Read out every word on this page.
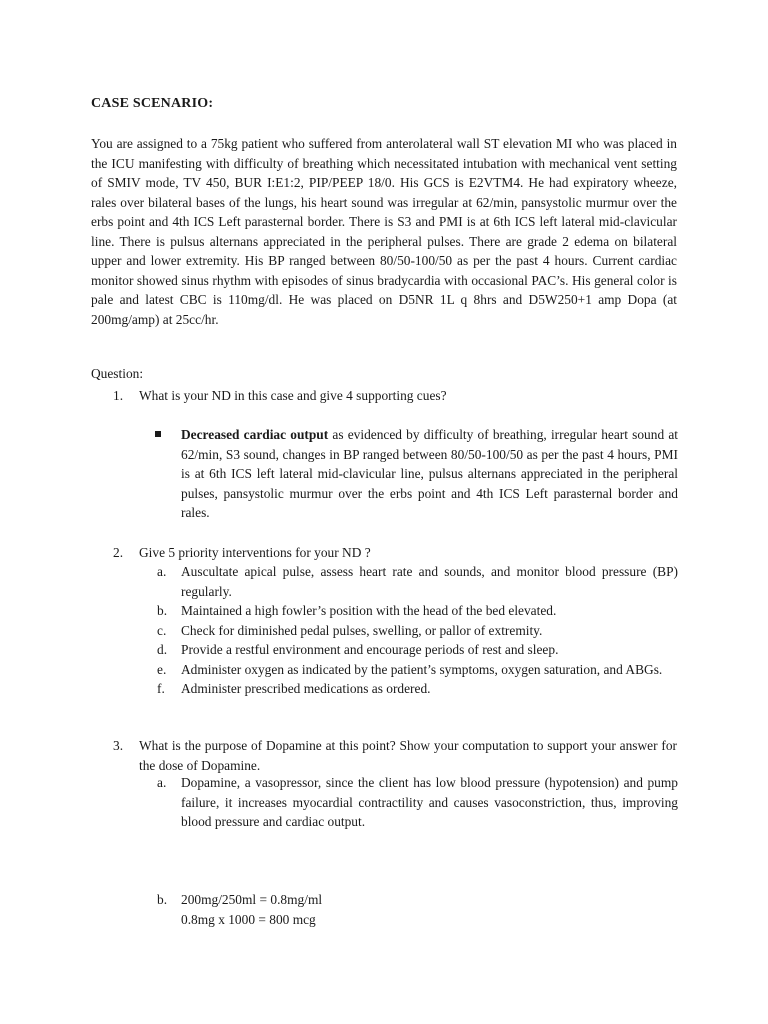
CASE SCENARIO:

You are assigned to a 75kg patient who suffered from anterolateral wall ST elevation MI who was placed in the ICU manifesting with difficulty of breathing which necessitated intubation with mechanical vent setting of SMIV mode, TV 450, BUR I:E1:2, PIP/PEEP 18/0. His GCS is E2VTM4. He had expiratory wheeze, rales over bilateral bases of the lungs, his heart sound was irregular at 62/min, pansystolic murmur over the erbs point and 4th ICS Left parasternal border. There is S3 and PMI is at 6th ICS left lateral mid-clavicular line. There is pulsus alternans appreciated in the peripheral pulses. There are grade 2 edema on bilateral upper and lower extremity. His BP ranged between 80/50-100/50 as per the past 4 hours. Current cardiac monitor showed sinus rhythm with episodes of sinus bradycardia with occasional PAC’s. His general color is pale and latest CBC is 110mg/dl. He was placed on D5NR 1L q 8hrs and D5W250+1 amp Dopa (at 200mg/amp) at 25cc/hr.

Question:
1. What is your ND in this case and give 4 supporting cues?
Decreased cardiac output as evidenced by difficulty of breathing, irregular heart sound at 62/min, S3 sound, changes in BP ranged between 80/50-100/50 as per the past 4 hours, PMI is at 6th ICS left lateral mid-clavicular line, pulsus alternans appreciated in the peripheral pulses, pansystolic murmur over the erbs point and 4th ICS Left parasternal border and rales.
2. Give 5 priority interventions for your ND ?
a. Auscultate apical pulse, assess heart rate and sounds, and monitor blood pressure (BP) regularly.
b. Maintained a high fowler’s position with the head of the bed elevated.
c. Check for diminished pedal pulses, swelling, or pallor of extremity.
d. Provide a restful environment and encourage periods of rest and sleep.
e. Administer oxygen as indicated by the patient’s symptoms, oxygen saturation, and ABGs.
f. Administer prescribed medications as ordered.
3. What is the purpose of Dopamine at this point? Show your computation to support your answer for the dose of Dopamine.
a. Dopamine, a vasopressor, since the client has low blood pressure (hypotension) and pump failure, it increases myocardial contractility and causes vasoconstriction, thus, improving blood pressure and cardiac output.
b. 200mg/250ml = 0.8mg/ml
0.8mg x 1000 = 800 mcg
